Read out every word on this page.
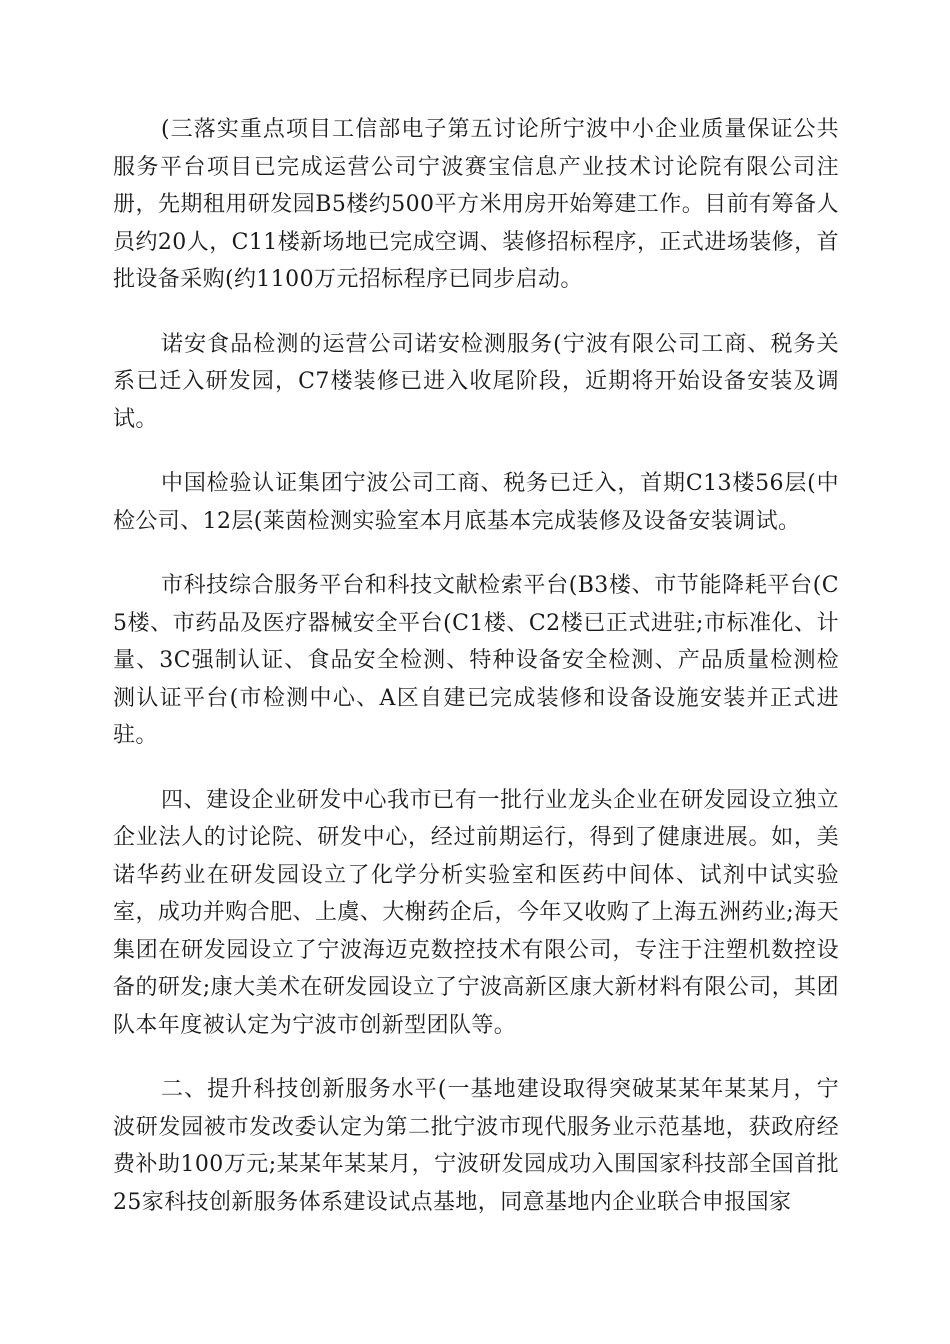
(三落实重点项目工信部电子第五讨论所宁波中小企业质量保证公共服务平台项目已完成运营公司宁波赛宝信息产业技术讨论院有限公司注册，先期租用研发园B5楼约500平方米用房开始筹建工作。目前有筹备人员约20人，C11楼新场地已完成空调、装修招标程序，正式进场装修，首批设备采购(约1100万元招标程序已同步启动。

诺安食品检测的运营公司诺安检测服务(宁波有限公司工商、税务关系已迁入研发园，C7楼装修已进入收尾阶段，近期将开始设备安装及调试。

中国检验认证集团宁波公司工商、税务已迁入，首期C13楼56层(中检公司、12层(莱茵检测实验室本月底基本完成装修及设备安装调试。

市科技综合服务平台和科技文献检索平台(B3楼、市节能降耗平台(C5楼、市药品及医疗器械安全平台(C1楼、C2楼已正式进驻;市标准化、计量、3C强制认证、食品安全检测、特种设备安全检测、产品质量检测检测认证平台(市检测中心、A区自建已完成装修和设备设施安装并正式进驻。

四、建设企业研发中心我市已有一批行业龙头企业在研发园设立独立企业法人的讨论院、研发中心，经过前期运行，得到了健康进展。如，美诺华药业在研发园设立了化学分析实验室和医药中间体、试剂中试实验室，成功并购合肥、上虞、大榭药企后，今年又收购了上海五洲药业;海天集团在研发园设立了宁波海迈克数控技术有限公司，专注于注塑机数控设备的研发;康大美术在研发园设立了宁波高新区康大新材料有限公司，其团队本年度被认定为宁波市创新型团队等。

二、提升科技创新服务水平(一基地建设取得突破某某年某某月，宁波研发园被市发改委认定为第二批宁波市现代服务业示范基地，获政府经费补助100万元;某某年某某月，宁波研发园成功入围国家科技部全国首批25家科技创新服务体系建设试点基地，同意基地内企业联合申报国家
